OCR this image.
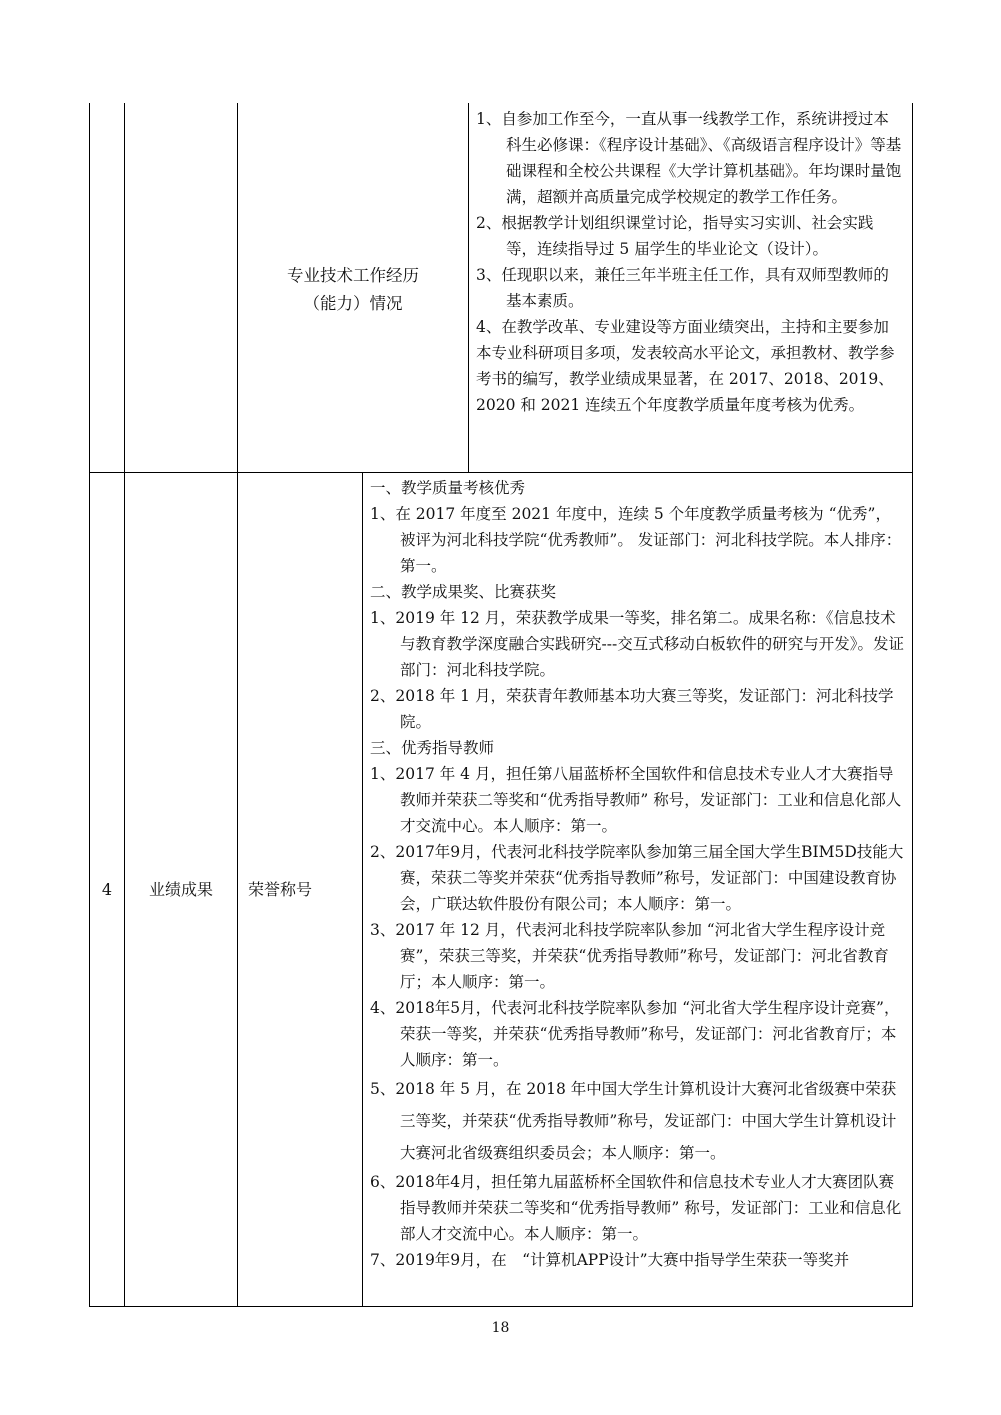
专业技术工作经历
（能力）情况
1、自参加工作至今，一直从事一线教学工作，系统讲授过本科生必修课：《程序设计基础》、《高级语言程序设计》等基础课程和全校公共课程《大学计算机基础》。年均课时量饱满，超额并高质量完成学校规定的教学工作任务。
2、根据教学计划组织课堂讨论，指导实习实训、社会实践等，连续指导过 5 届学生的毕业论文（设计）。
3、任现职以来，兼任三年半班主任工作，具有双师型教师的基本素质。
4、在教学改革、专业建设等方面业绩突出，主持和主要参加本专业科研项目多项，发表较高水平论文，承担教材、教学参考书的编写，教学业绩成果显著，在 2017、2018、2019、2020 和 2021 连续五个年度教学质量年度考核为优秀。
4	业绩成果	荣誉称号
一、教学质量考核优秀
1、在 2017 年度至 2021 年度中，连续 5 个年度教学质量考核为 “优秀”，被评为河北科技学院“优秀教师”。 发证部门：河北科技学院。本人排序：第一。
二、教学成果奖、比赛获奖
1、2019 年 12 月，荣获教学成果一等奖，排名第二。成果名称：《信息技术与教育教学深度融合实践研究---交互式移动白板软件的研究与开发》。发证部门：河北科技学院。
2、2018 年 1 月，荣获青年教师基本功大赛三等奖，发证部门：河北科技学院。
三、优秀指导教师
1、2017 年 4 月，担任第八届蓝桥杯全国软件和信息技术专业人才大赛指导教师并荣获二等奖和“优秀指导教师” 称号，发证部门：工业和信息化部人才交流中心。本人顺序：第一。
2、2017年9月，代表河北科技学院率队参加第三届全国大学生BIM5D技能大赛，荣获二等奖并荣获“优秀指导教师”称号，发证部门：中国建设教育协会，广联达软件股份有限公司；本人顺序：第一。
3、2017 年 12 月，代表河北科技学院率队参加 “河北省大学生程序设计竞赛”，荣获三等奖，并荣获“优秀指导教师”称号，发证部门：河北省教育厅；本人顺序：第一。
4、2018年5月，代表河北科技学院率队参加 “河北省大学生程序设计竞赛”，荣获一等奖，并荣获“优秀指导教师”称号，发证部门：河北省教育厅；本人顺序：第一。
5、2018 年 5 月，在 2018 年中国大学生计算机设计大赛河北省级赛中荣获三等奖，并荣获“优秀指导教师”称号，发证部门：中国大学生计算机设计大赛河北省级赛组织委员会；本人顺序：第一。
6、2018年4月，担任第九届蓝桥杯全国软件和信息技术专业人才大赛团队赛指导教师并荣获二等奖和“优秀指导教师” 称号，发证部门：工业和信息化部人才交流中心。本人顺序：第一。
7、2019年9月，在　“计算机APP设计”大赛中指导学生荣获一等奖并
18
